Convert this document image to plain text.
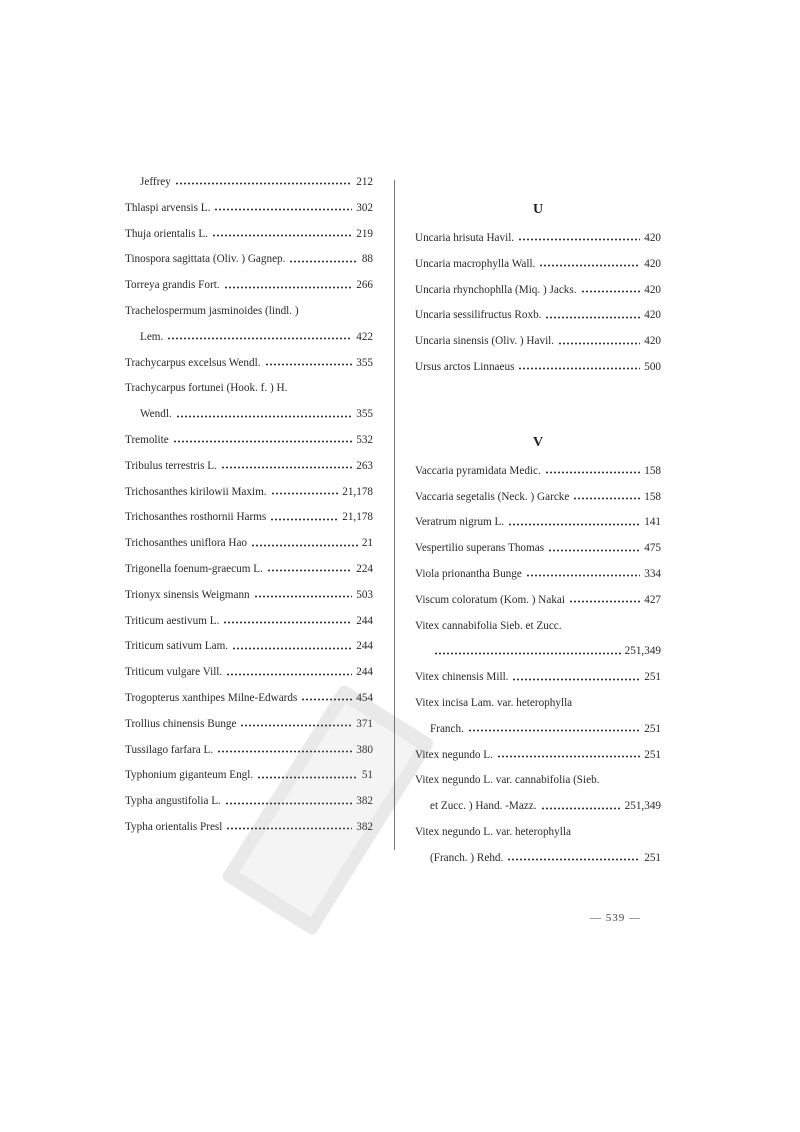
Jeffrey	212
Thlaspi arvensis L.	302
Thuja orientalis L.	219
Tinospora sagittata (Oliv. ) Gagnep.	88
Torreya grandis Fort.	266
Trachelospermum jasminoides (lindl. )
Lem.	422
Trachycarpus excelsus Wendl.	355
Trachycarpus fortunei (Hook. f. ) H.
Wendl.	355
Tremolite	532
Tribulus terrestris L.	263
Trichosanthes kirilowii Maxim.	21,178
Trichosanthes rosthornii Harms	21,178
Trichosanthes uniflora Hao	21
Trigonella foenum-graecum L.	224
Trionyx sinensis Weigmann	503
Triticum aestivum L.	244
Triticum sativum Lam.	244
Triticum vulgare Vill.	244
Trogopterus xanthipes Milne-Edwards	454
Trollius chinensis Bunge	371
Tussilago farfara L.	380
Typhonium giganteum Engl.	51
Typha angustifolia L.	382
Typha orientalis Presl	382
U
Uncaria hrisuta Havil.	420
Uncaria macrophylla Wall.	420
Uncaria rhynchophlla (Miq. ) Jacks.	420
Uncaria sessilifructus Roxb.	420
Uncaria sinensis (Oliv. ) Havil.	420
Ursus arctos Linnaeus	500
V
Vaccaria pyramidata Medic.	158
Vaccaria segetalis (Neck. ) Garcke	158
Veratrum nigrum L.	141
Vespertilio superans Thomas	475
Viola prionantha Bunge	334
Viscum coloratum (Kom. ) Nakai	427
Vitex cannabifolia Sieb. et Zucc.
251,349
Vitex chinensis Mill.	251
Vitex incisa Lam. var. heterophylla
Franch.	251
Vitex negundo L.	251
Vitex negundo L. var. cannabifolia (Sieb.
et Zucc. ) Hand. -Mazz.	251,349
Vitex negundo L. var. heterophylla
(Franch. ) Rehd.	251
— 539 —
